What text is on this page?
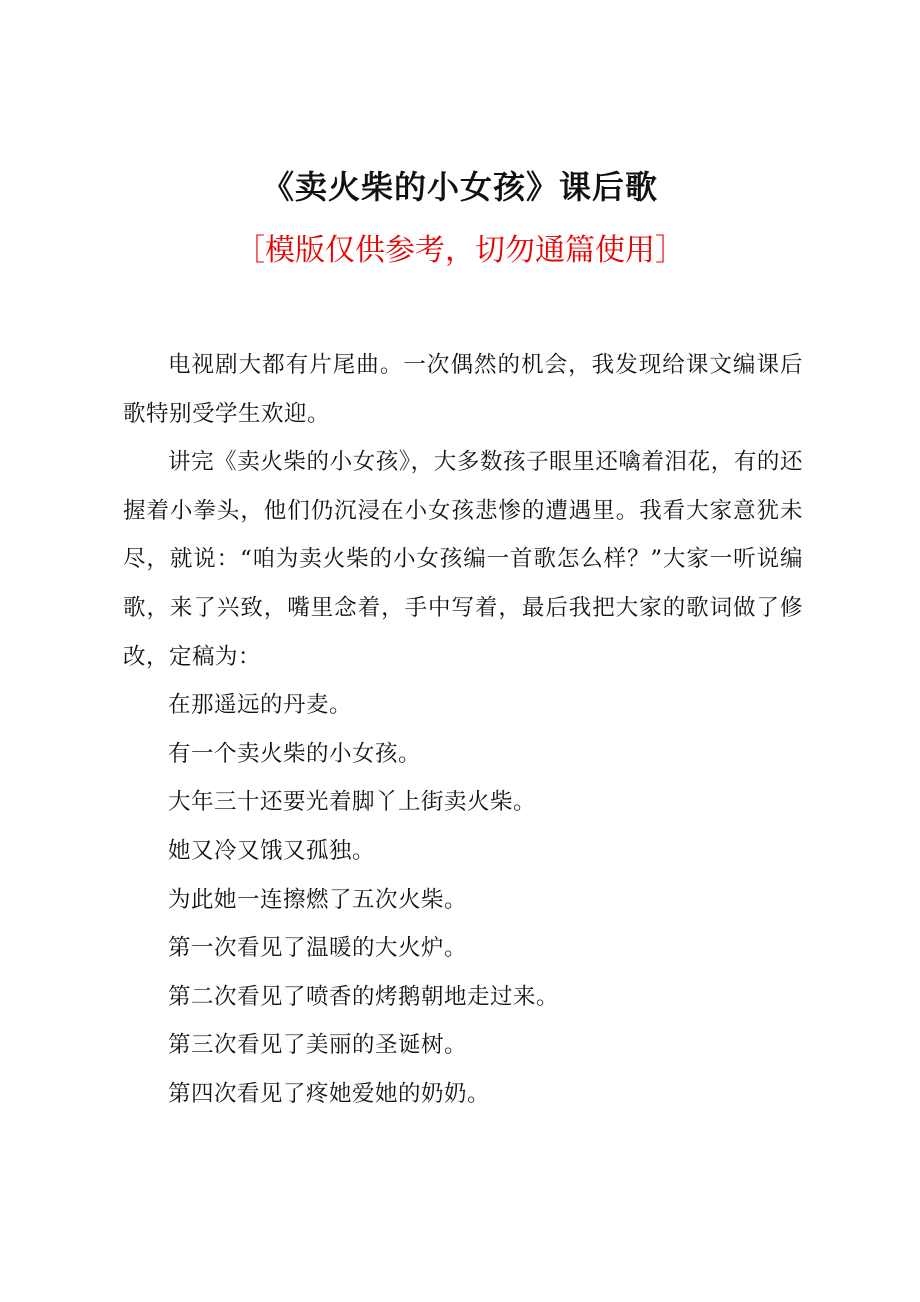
《卖火柴的小女孩》课后歌
［模版仅供参考，切勿通篇使用］

电视剧大都有片尾曲。一次偶然的机会，我发现给课文编课后歌特别受学生欢迎。

讲完《卖火柴的小女孩》，大多数孩子眼里还噙着泪花，有的还握着小拳头，他们仍沉浸在小女孩悲惨的遭遇里。我看大家意犹未尽，就说：“咱为卖火柴的小女孩编一首歌怎么样？”大家一听说编歌，来了兴致，嘴里念着，手中写着，最后我把大家的歌词做了修改，定稿为：

在那遥远的丹麦。

有一个卖火柴的小女孩。

大年三十还要光着脚丫上街卖火柴。

她又冷又饿又孤独。

为此她一连擦燃了五次火柴。

第一次看见了温暖的大火炉。

第二次看见了喷香的烤鹅朝地走过来。

第三次看见了美丽的圣诞树。

第四次看见了疼她爱她的奶奶。
